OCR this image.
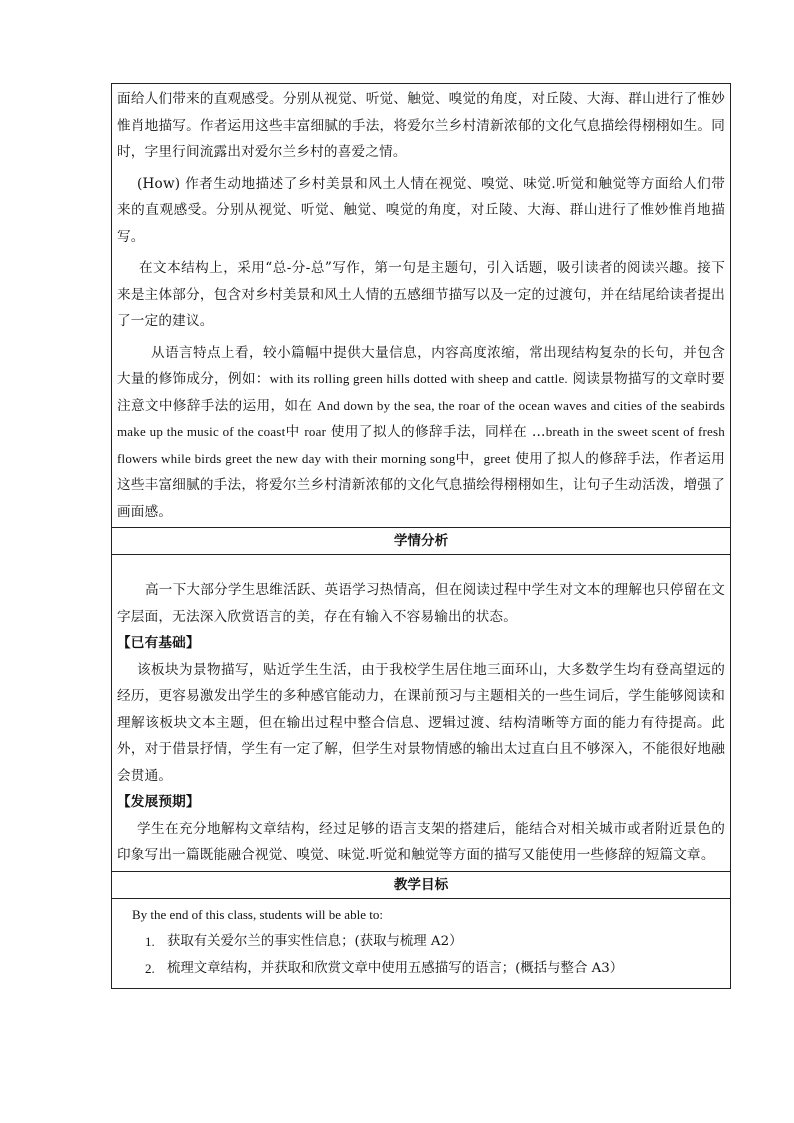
面给人们带来的直观感受。分别从视觉、听觉、触觉、嗅觉的角度，对丘陵、大海、群山进行了惟妙惟肖地描写。作者运用这些丰富细腻的手法，将爱尔兰乡村清新浓郁的文化气息描绘得栩栩如生。同时，字里行间流露出对爱尔兰乡村的喜爱之情。

(How) 作者生动地描述了乡村美景和风土人情在视觉、嗅觉、味觉.听觉和触觉等方面给人们带来的直观感受。分别从视觉、听觉、触觉、嗅觉的角度，对丘陵、大海、群山进行了惟妙惟肖地描写。

在文本结构上，采用“总-分-总”写作，第一句是主题句，引入话题，吸引读者的阅读兴趣。接下来是主体部分，包含对乡村美景和风土人情的五感细节描写以及一定的过渡句，并在结尾给读者提出了一定的建议。

从语言特点上看，较小篇幅中提供大量信息，内容高度浓缩，常出现结构复杂的长句，并包含大量的修饰成分，例如：with its rolling green hills dotted with sheep and cattle. 阅读景物描写的文章时要注意文中修辞手法的运用，如在 And down by the sea, the roar of the ocean waves and cities of the seabirds make up the music of the coast中 roar 使用了拟人的修辞手法，同样在 …breath in the sweet scent of fresh flowers while birds greet the new day with their morning song中，greet 使用了拟人的修辞手法，作者运用这些丰富细腻的手法，将爱尔兰乡村清新浓郁的文化气息描绘得栩栩如生，让句子生动活泼，增强了画面感。

学情分析

高一下大部分学生思维活跃、英语学习热情高，但在阅读过程中学生对文本的理解也只停留在文字层面，无法深入欣赏语言的美，存在有输入不容易输出的状态。

【已有基础】

该板块为景物描写，贴近学生生活，由于我校学生居住地三面环山，大多数学生均有登高望远的经历，更容易激发出学生的多种感官能动力，在课前预习与主题相关的一些生词后，学生能够阅读和理解该板块文本主题，但在输出过程中整合信息、逻辑过渡、结构清晰等方面的能力有待提高。此外，对于借景抒情，学生有一定了解，但学生对景物情感的输出太过直白且不够深入，不能很好地融会贯通。

【发展预期】

学生在充分地解构文章结构，经过足够的语言支架的搭建后，能结合对相关城市或者附近景色的印象写出一篇既能融合视觉、嗅觉、味觉.听觉和触觉等方面的描写又能使用一些修辞的短篇文章。

教学目标

By the end of this class, students will be able to:
1. 获取有关爱尔兰的事实性信息；(获取与梳理 A2）
2. 梳理文章结构，并获取和欣赏文章中使用五感描写的语言；(概括与整合 A3）
